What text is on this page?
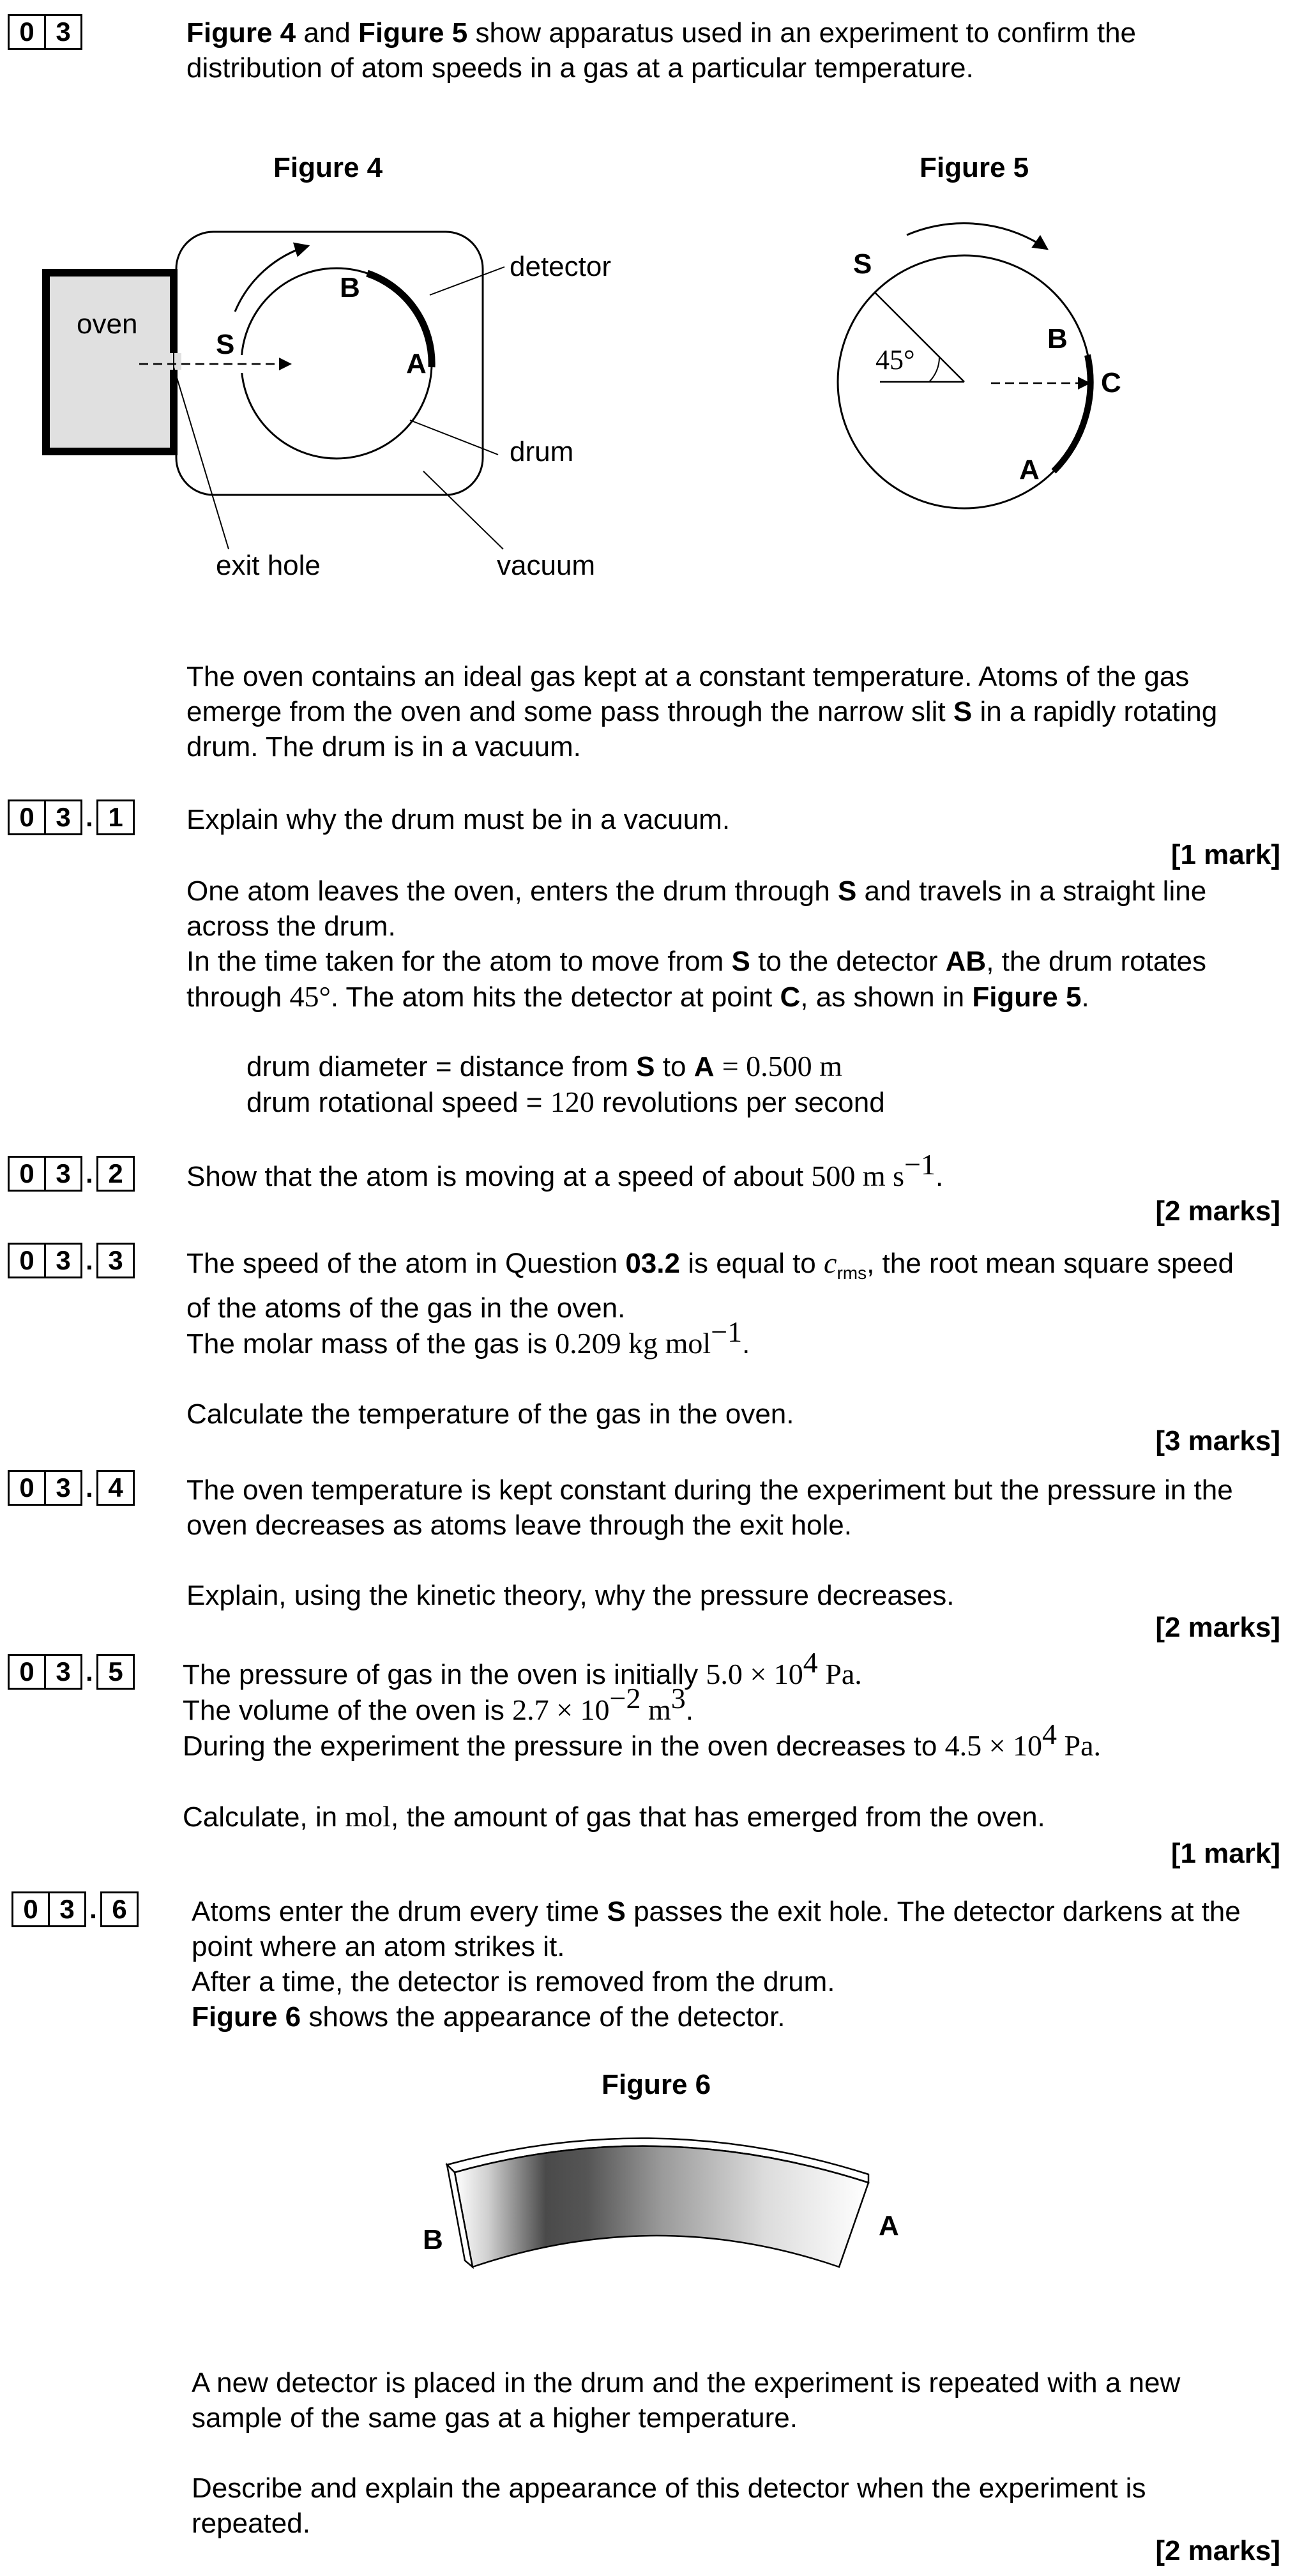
0 3	Figure 4 and Figure 5 show apparatus used in an experiment to confirm the
distribution of atom speeds in a gas at a particular temperature.
Figure 4
oven
S
B
A
detector
drum
vacuum
exit hole
Figure 5
S
45°
B
C
A
The oven contains an ideal gas kept at a constant temperature. Atoms of the gas
emerge from the oven and some pass through the narrow slit S in a rapidly rotating
drum. The drum is in a vacuum.
0 3 . 1	Explain why the drum must be in a vacuum.
[1 mark]
One atom leaves the oven, enters the drum through S and travels in a straight line
across the drum.
In the time taken for the atom to move from S to the detector AB, the drum rotates
through 45°. The atom hits the detector at point C, as shown in Figure 5.
drum diameter = distance from S to A = 0.500 m
drum rotational speed = 120 revolutions per second
0 3 . 2	Show that the atom is moving at a speed of about 500 m $s^{-1}$.
[2 marks]
0 3 . 3	The speed of the atom in Question 03.2 is equal to $c_{rms}$, the root mean square speed
of the atoms of the gas in the oven.
The molar mass of the gas is 0.209 kg mol$^{-1}$.
Calculate the temperature of the gas in the oven.
[3 marks]
0 3 . 4	The oven temperature is kept constant during the experiment but the pressure in the
oven decreases as atoms leave through the exit hole.
Explain, using the kinetic theory, why the pressure decreases.
[2 marks]
0 3 . 5	The pressure of gas in the oven is initially $5.0 \times 10^4$ Pa.
The volume of the oven is $2.7 \times 10^{-2}$ $m^3$.
During the experiment the pressure in the oven decreases to $4.5 \times 10^4$ Pa.
Calculate, in mol, the amount of gas that has emerged from the oven.
[1 mark]
0 3 . 6	Atoms enter the drum every time S passes the exit hole. The detector darkens at the
point where an atom strikes it.
After a time, the detector is removed from the drum.
Figure 6 shows the appearance of the detector.
Figure 6
B	A
A new detector is placed in the drum and the experiment is repeated with a new
sample of the same gas at a higher temperature.
Describe and explain the appearance of this detector when the experiment is
repeated.
[2 marks]
